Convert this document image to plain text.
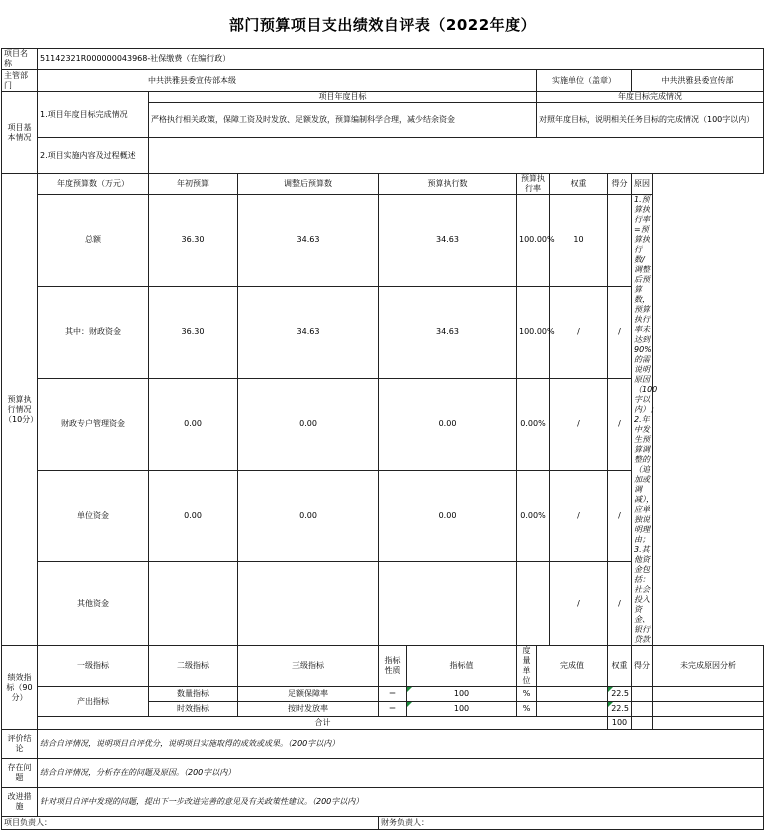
部门预算项目支出绩效自评表（2022年度）
项目名称	51142321R000000043968-社保缴费（在编行政）										
主管部门	中共洪雅县委宣传部本级						实施单位（盖章）			中共洪雅县委宣传部	
项目基本情况	1.项目年度目标完成情况	项目年度目标					年度目标完成情况				
		严格执行相关政策，保障工资及时发放、足额发放，预算编制科学合理，减少结余资金					对照年度目标，说明相关任务目标的完成情况（100字以内）				
	2.项目实施内容及过程概述										
预算执行情况（10分）	年度预算数（万元）	年初预算	调整后预算数	预算执行数		预算执行率		权重	得分	原因	
	总额	36.30	34.63	34.63		100.00%		10		1.预算执行率=预算执行数/调整后预算数，预算执行率未达到90%的需说明原因（100字以内）；2.年中发生预算调整的（追加或调减），应单独说明理由；3.其他资金包括：社会投入资金、银行贷款	
	其中：财政资金	36.30	34.63	34.63		100.00%		/	/		
	财政专户管理资金	0.00	0.00	0.00		0.00%		/	/		
	单位资金	0.00	0.00	0.00		0.00%		/	/		
	其他资金							/	/		
绩效指标（90分）	一级指标	二级指标	三级指标	指标性质	指标值	度量单位	完成值		权重	得分	未完成原因分析
	产出指标	数量指标	足额保障率	＝	100	%			22.5		
		时效指标	按时发放率	＝	100	%			22.5		
	合计								100		
评价结论	结合自评情况，说明项目自评优分，说明项目实施取得的成效或成果。（200字以内）										
存在问题	结合自评情况，分析存在的问题及原因。（200字以内）										
改进措施	针对项目自评中发现的问题，提出下一步改进完善的意见及有关政策性建议。（200字以内）										
项目负责人：				财务负责人：							
